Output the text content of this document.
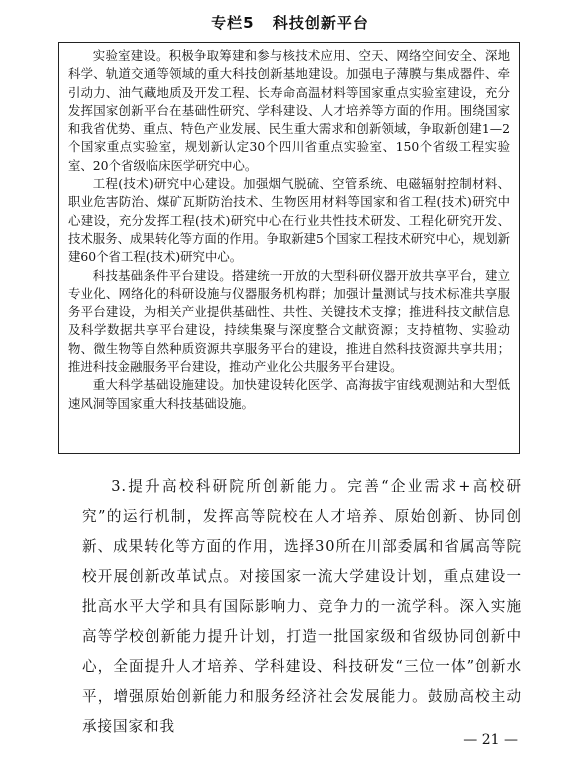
专栏5 科技创新平台

实验室建设。积极争取筹建和参与核技术应用、空天、网络空间安全、深地科学、轨道交通等领域的重大科技创新基地建设。加强电子薄膜与集成器件、牵引动力、油气藏地质及开发工程、长寿命高温材料等国家重点实验室建设，充分发挥国家创新平台在基础性研究、学科建设、人才培养等方面的作用。围绕国家和我省优势、重点、特色产业发展、民生重大需求和创新领域，争取新创建1—2个国家重点实验室，规划新认定30个四川省重点实验室、150个省级工程实验室、20个省级临床医学研究中心。

工程(技术)研究中心建设。加强烟气脱硫、空管系统、电磁辐射控制材料、职业危害防治、煤矿瓦斯防治技术、生物医用材料等国家和省工程(技术)研究中心建设，充分发挥工程(技术)研究中心在行业共性技术研发、工程化研究开发、技术服务、成果转化等方面的作用。争取新建5个国家工程技术研究中心，规划新建60个省工程(技术)研究中心。

科技基础条件平台建设。搭建统一开放的大型科研仪器开放共享平台，建立专业化、网络化的科研设施与仪器服务机构群；加强计量测试与技术标准共享服务平台建设，为相关产业提供基础性、共性、关键技术支撑；推进科技文献信息及科学数据共享平台建设，持续集聚与深度整合文献资源；支持植物、实验动物、微生物等自然种质资源共享服务平台的建设，推进自然科技资源共享共用；推进科技金融服务平台建设，推动产业化公共服务平台建设。

重大科学基础设施建设。加快建设转化医学、高海拔宇宙线观测站和大型低速风洞等国家重大科技基础设施。

3.提升高校科研院所创新能力。完善“企业需求+高校研究”的运行机制，发挥高等院校在人才培养、原始创新、协同创新、成果转化等方面的作用，选择30所在川部委属和省属高等院校开展创新改革试点。对接国家一流大学建设计划，重点建设一批高水平大学和具有国际影响力、竞争力的一流学科。深入实施高等学校创新能力提升计划，打造一批国家级和省级协同创新中心，全面提升人才培养、学科建设、科技研发“三位一体”创新水平，增强原始创新能力和服务经济社会发展能力。鼓励高校主动承接国家和我

— 21 —
